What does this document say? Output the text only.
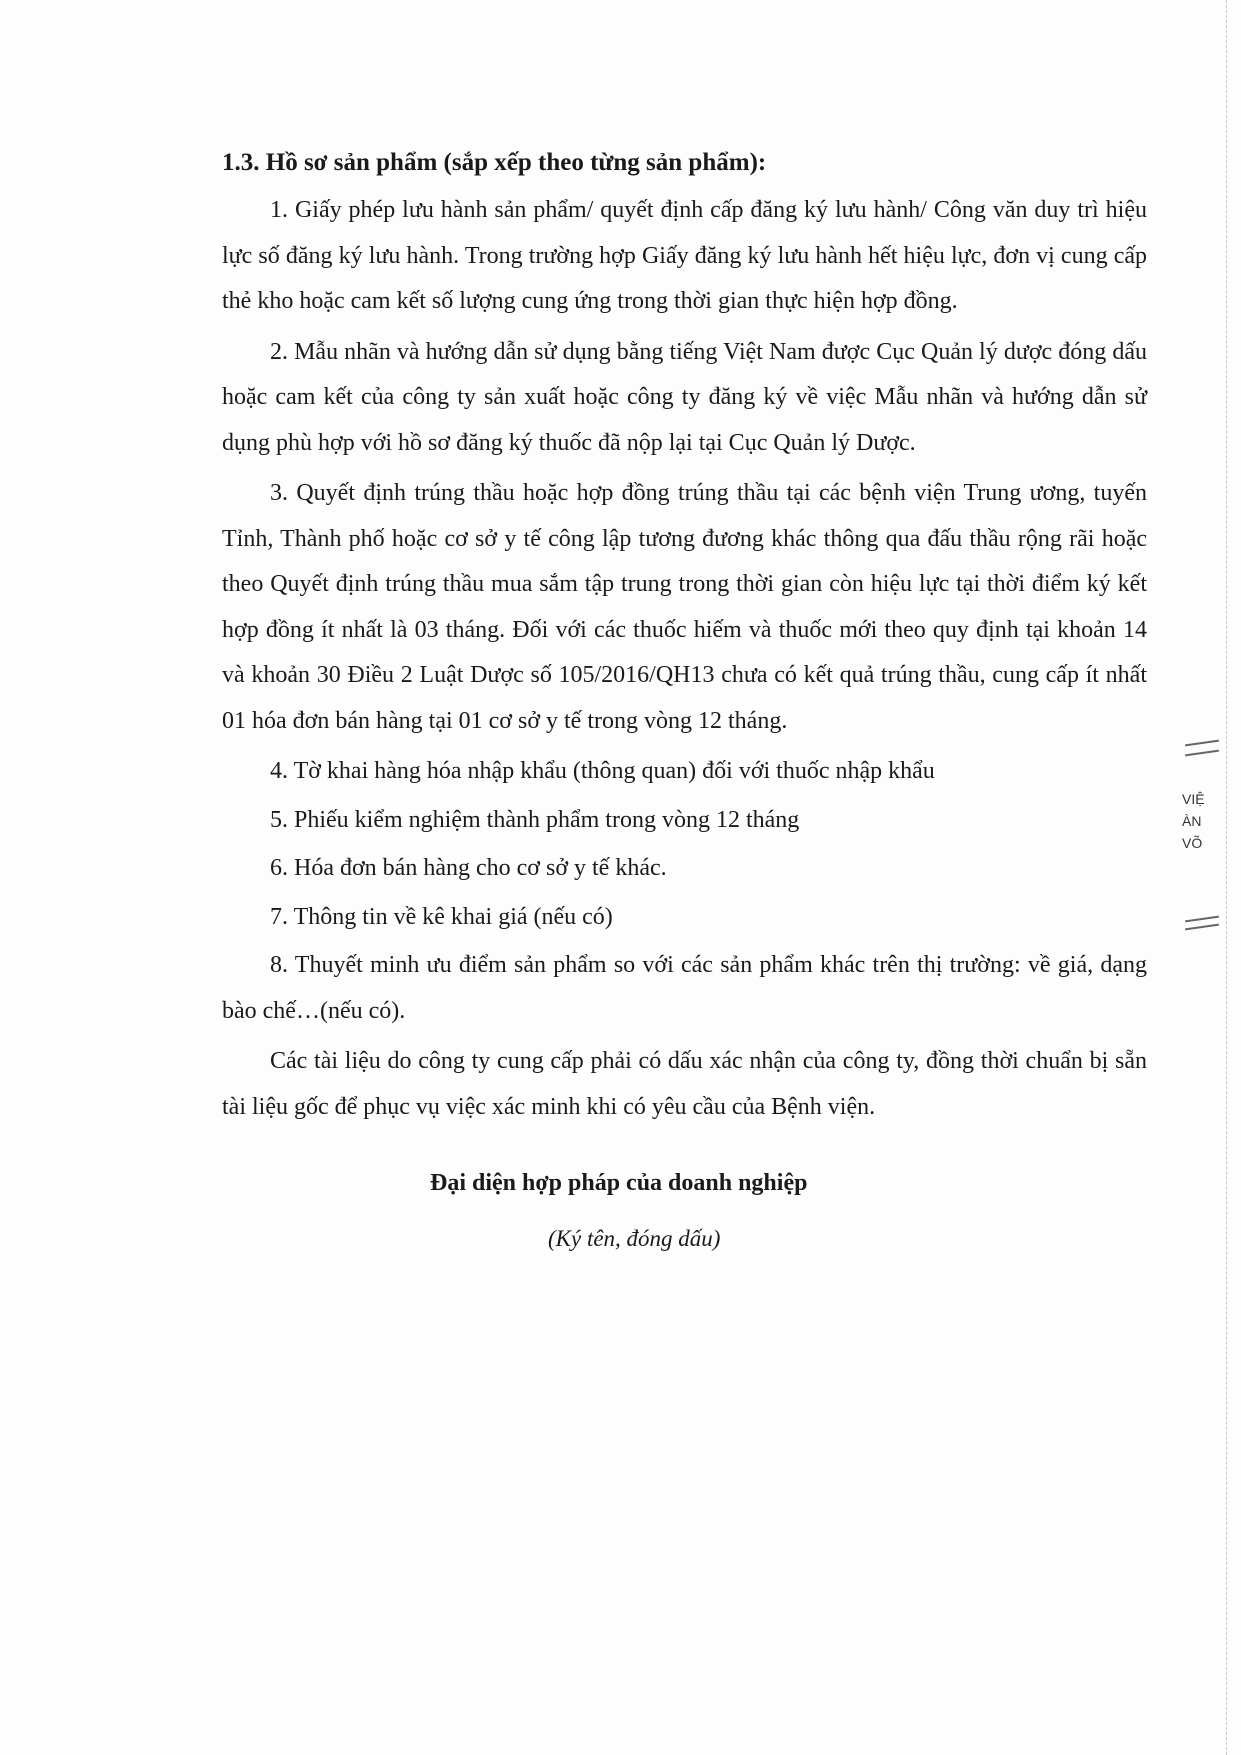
1.3. Hồ sơ sản phẩm (sắp xếp theo từng sản phẩm):

1. Giấy phép lưu hành sản phẩm/ quyết định cấp đăng ký lưu hành/ Công văn duy trì hiệu lực số đăng ký lưu hành. Trong trường hợp Giấy đăng ký lưu hành hết hiệu lực, đơn vị cung cấp thẻ kho hoặc cam kết số lượng cung ứng trong thời gian thực hiện hợp đồng.

2. Mẫu nhãn và hướng dẫn sử dụng bằng tiếng Việt Nam được Cục Quản lý dược đóng dấu hoặc cam kết của công ty sản xuất hoặc công ty đăng ký về việc Mẫu nhãn và hướng dẫn sử dụng phù hợp với hồ sơ đăng ký thuốc đã nộp lại tại Cục Quản lý Dược.

3. Quyết định trúng thầu hoặc hợp đồng trúng thầu tại các bệnh viện Trung ương, tuyến Tỉnh, Thành phố hoặc cơ sở y tế công lập tương đương khác thông qua đấu thầu rộng rãi hoặc theo Quyết định trúng thầu mua sắm tập trung trong thời gian còn hiệu lực tại thời điểm ký kết hợp đồng ít nhất là 03 tháng. Đối với các thuốc hiếm và thuốc mới theo quy định tại khoản 14 và khoản 30 Điều 2 Luật Dược số 105/2016/QH13 chưa có kết quả trúng thầu, cung cấp ít nhất 01 hóa đơn bán hàng tại 01 cơ sở y tế trong vòng 12 tháng.

4. Tờ khai hàng hóa nhập khẩu (thông quan) đối với thuốc nhập khẩu

5. Phiếu kiểm nghiệm thành phẩm trong vòng 12 tháng

6. Hóa đơn bán hàng cho cơ sở y tế khác.

7. Thông tin về kê khai giá (nếu có)

8. Thuyết minh ưu điểm sản phẩm so với các sản phẩm khác trên thị trường: về giá, dạng bào chế…(nếu có).

Các tài liệu do công ty cung cấp phải có dấu xác nhận của công ty, đồng thời chuẩn bị sẵn tài liệu gốc để phục vụ việc xác minh khi có yêu cầu của Bệnh viện.

Đại diện hợp pháp của doanh nghiệp
(Ký tên, đóng dấu)
VIỆ
ÀN
VÕ
